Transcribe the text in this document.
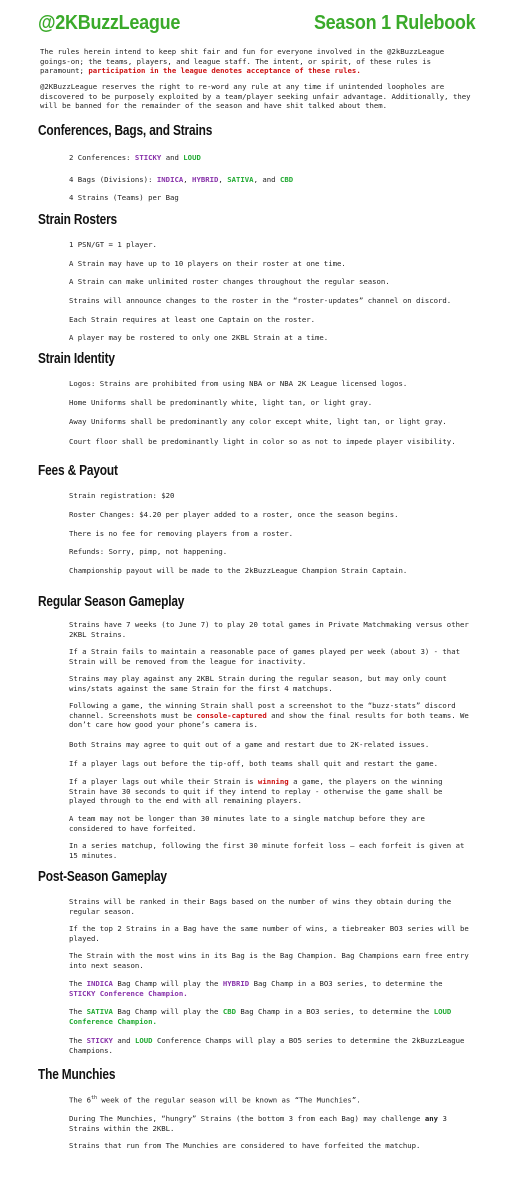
@2KBuzzLeague	Season 1 Rulebook
The rules herein intend to keep shit fair and fun for everyone involved in the @2kBuzzLeague goings-on; the teams, players, and league staff. The intent, or spirit, of these rules is paramount; participation in the league denotes acceptance of these rules.
@2KBuzzLeague reserves the right to re-word any rule at any time if unintended loopholes are discovered to be purposely exploited by a team/player seeking unfair advantage. Additionally, they will be banned for the remainder of the season and have shit talked about them.
Conferences, Bags, and Strains
2 Conferences: STICKY and LOUD
4 Bags (Divisions): INDICA, HYBRID, SATIVA, and CBD
4 Strains (Teams) per Bag
Strain Rosters
1 PSN/GT = 1 player.
A Strain may have up to 10 players on their roster at one time.
A Strain can make unlimited roster changes throughout the regular season.
Strains will announce changes to the roster in the “roster-updates” channel on discord.
Each Strain requires at least one Captain on the roster.
A player may be rostered to only one 2KBL Strain at a time.
Strain Identity
Logos: Strains are prohibited from using NBA or NBA 2K League licensed logos.
Home Uniforms shall be predominantly white, light tan, or light gray.
Away Uniforms shall be predominantly any color except white, light tan, or light gray.
Court floor shall be predominantly light in color so as not to impede player visibility.
Fees & Payout
Strain registration: $20
Roster Changes: $4.20 per player added to a roster, once the season begins.
There is no fee for removing players from a roster.
Refunds: Sorry, pimp, not happening.
Championship payout will be made to the 2kBuzzLeague Champion Strain Captain.
Regular Season Gameplay
Strains have 7 weeks (to June 7) to play 20 total games in Private Matchmaking versus other 2KBL Strains.
If a Strain fails to maintain a reasonable pace of games played per week (about 3) - that Strain will be removed from the league for inactivity.
Strains may play against any 2KBL Strain during the regular season, but may only count wins/stats against the same Strain for the first 4 matchups.
Following a game, the winning Strain shall post a screenshot to the “buzz-stats” discord channel. Screenshots must be console-captured and show the final results for both teams. We don’t care how good your phone’s camera is.
Both Strains may agree to quit out of a game and restart due to 2K-related issues.
If a player lags out before the tip-off, both teams shall quit and restart the game.
If a player lags out while their Strain is winning a game, the players on the winning Strain have 30 seconds to quit if they intend to replay - otherwise the game shall be played through to the end with all remaining players.
A team may not be longer than 30 minutes late to a single matchup before they are considered to have forfeited.
In a series matchup, following the first 30 minute forfeit loss – each forfeit is given at 15 minutes.
Post-Season Gameplay
Strains will be ranked in their Bags based on the number of wins they obtain during the regular season.
If the top 2 Strains in a Bag have the same number of wins, a tiebreaker BO3 series will be played.
The Strain with the most wins in its Bag is the Bag Champion. Bag Champions earn free entry into next season.
The INDICA Bag Champ will play the HYBRID Bag Champ in a BO3 series, to determine the STICKY Conference Champion.
The SATIVA Bag Champ will play the CBD Bag Champ in a BO3 series, to determine the LOUD Conference Champion.
The STICKY and LOUD Conference Champs will play a BO5 series to determine the 2kBuzzLeague Champions.
The Munchies
The 6th week of the regular season will be known as “The Munchies”.
During The Munchies, “hungry” Strains (the bottom 3 from each Bag) may challenge any 3 Strains within the 2KBL.
Strains that run from The Munchies are considered to have forfeited the matchup.
